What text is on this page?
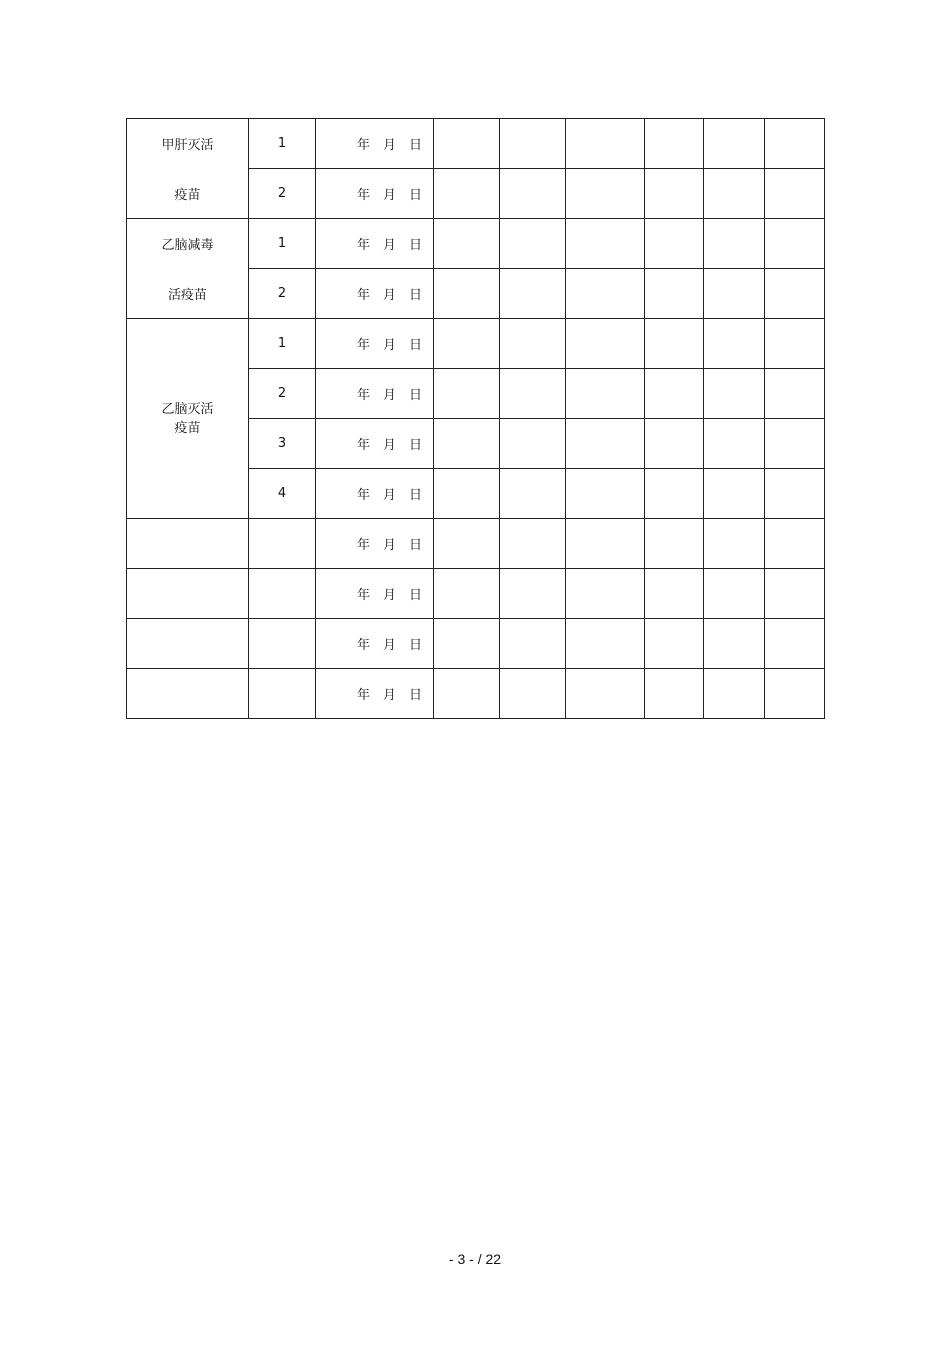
甲肝灭活	1	年 月 日						

疫苗	2	年 月 日						

乙脑减毒	1	年 月 日						

活疫苗	2	年 月 日						

乙脑灭活
疫苗	1	年 月 日						

	2	年 月 日						

	3	年 月 日						

	4	年 月 日						

		年 月 日						

		年 月 日						

		年 月 日						

		年 月 日						

- 3 - / 22
